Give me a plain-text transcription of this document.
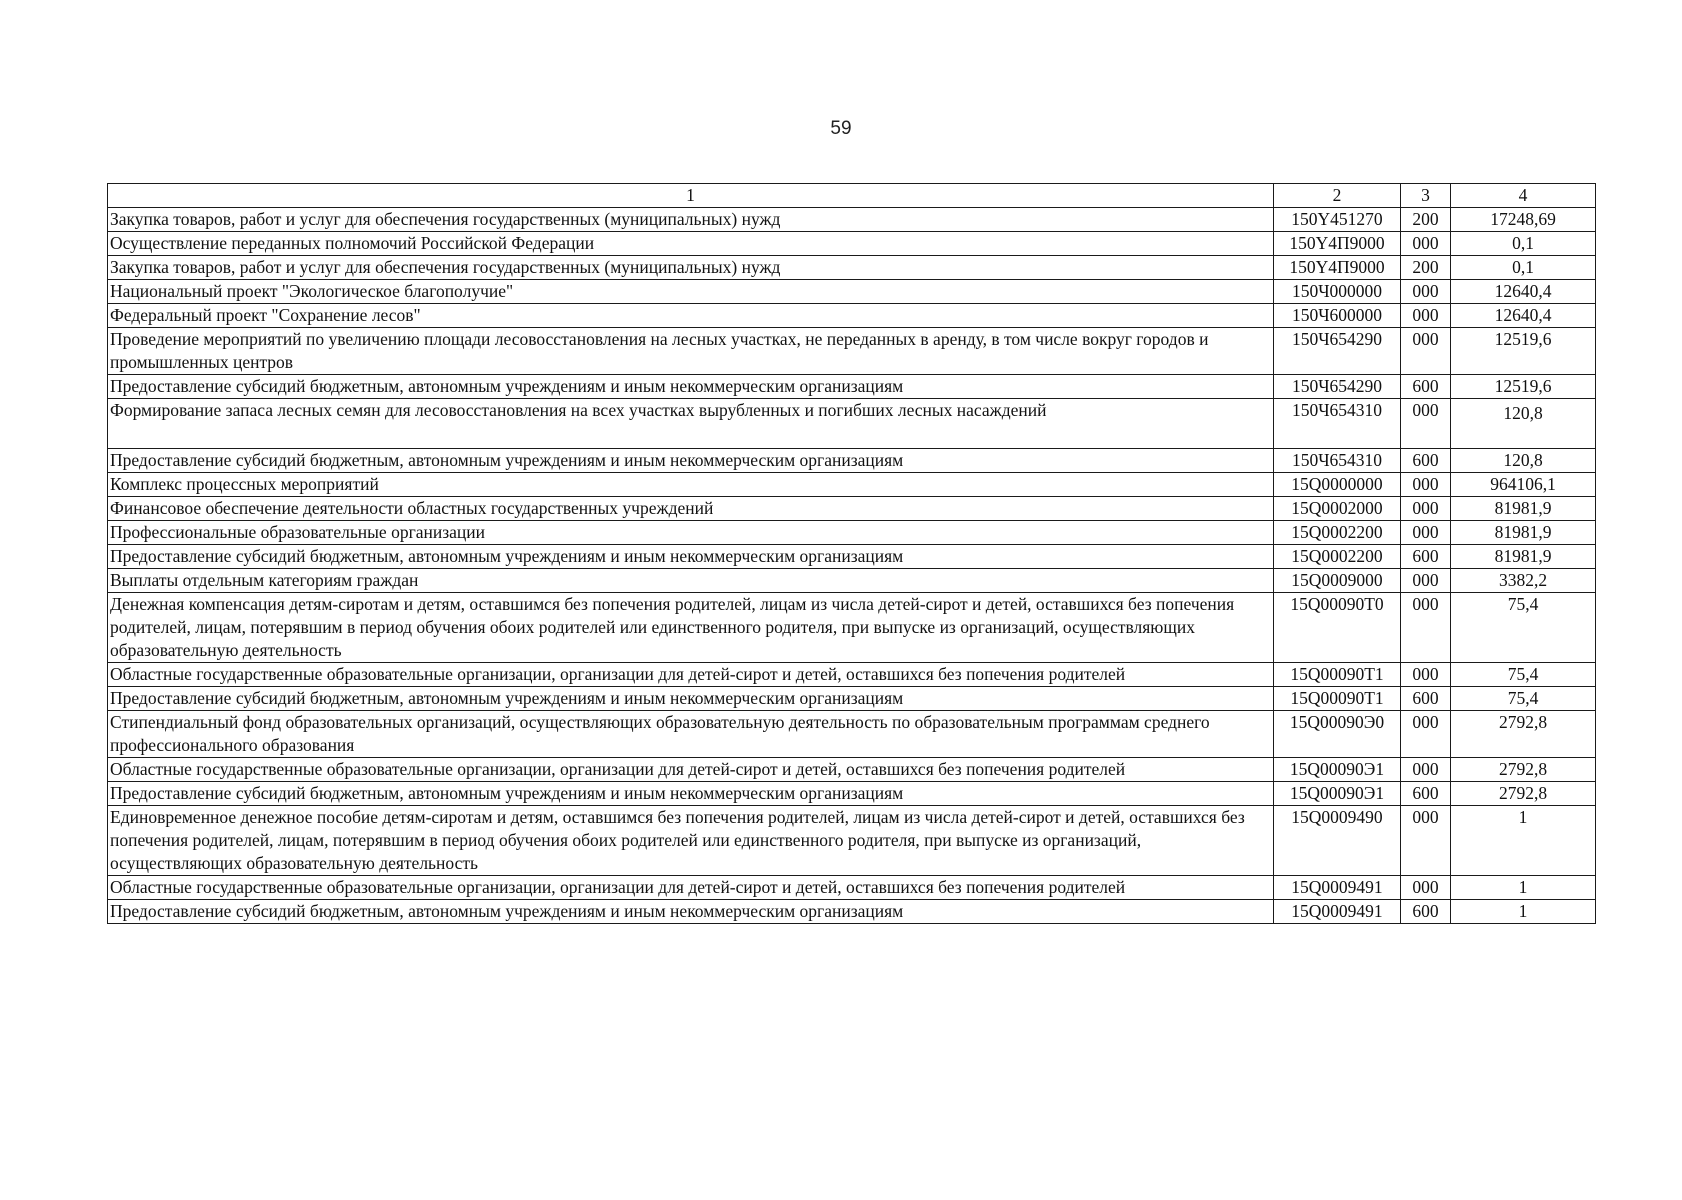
59
1	2	3	4
Закупка товаров, работ и услуг для обеспечения государственных (муниципальных) нужд	150Y451270	200	17248,69
Осуществление переданных полномочий Российской Федерации	150Y4П9000	000	0,1
Закупка товаров, работ и услуг для обеспечения государственных (муниципальных) нужд	150Y4П9000	200	0,1
Национальный проект "Экологическое благополучие"	150Ч000000	000	12640,4
Федеральный проект "Сохранение лесов"	150Ч600000	000	12640,4
Проведение мероприятий по увеличению площади лесовосстановления на лесных участках, не переданных в аренду, в том числе вокруг городов и промышленных центров	150Ч654290	000	12519,6
Предоставление субсидий бюджетным, автономным учреждениям и иным некоммерческим организациям	150Ч654290	600	12519,6
Формирование запаса лесных семян для лесовосстановления на всех участках вырубленных и погибших лесных насаждений	150Ч654310	000	120,8
Предоставление субсидий бюджетным, автономным учреждениям и иным некоммерческим организациям	150Ч654310	600	120,8
Комплекс процессных мероприятий	15Q0000000	000	964106,1
Финансовое обеспечение деятельности областных государственных учреждений	15Q0002000	000	81981,9
Профессиональные образовательные организации	15Q0002200	000	81981,9
Предоставление субсидий бюджетным, автономным учреждениям и иным некоммерческим организациям	15Q0002200	600	81981,9
Выплаты отдельным категориям граждан	15Q0009000	000	3382,2
Денежная компенсация детям-сиротам и детям, оставшимся без попечения родителей, лицам из числа детей-сирот и детей, оставшихся без попечения родителей, лицам, потерявшим в период обучения обоих родителей или единственного родителя, при выпуске из организаций, осуществляющих образовательную деятельность	15Q00090T0	000	75,4
Областные государственные образовательные организации, организации для детей-сирот и детей, оставшихся без попечения родителей	15Q00090T1	000	75,4
Предоставление субсидий бюджетным, автономным учреждениям и иным некоммерческим организациям	15Q00090T1	600	75,4
Стипендиальный фонд образовательных организаций, осуществляющих образовательную деятельность по образовательным программам среднего профессионального образования	15Q00090Э0	000	2792,8
Областные государственные образовательные организации, организации для детей-сирот и детей, оставшихся без попечения родителей	15Q00090Э1	000	2792,8
Предоставление субсидий бюджетным, автономным учреждениям и иным некоммерческим организациям	15Q00090Э1	600	2792,8
Единовременное денежное пособие детям-сиротам и детям, оставшимся без попечения родителей, лицам из числа детей-сирот и детей, оставшихся без попечения родителей, лицам, потерявшим в период обучения обоих родителей или единственного родителя, при выпуске из организаций, осуществляющих образовательную деятельность	15Q0009490	000	1
Областные государственные образовательные организации, организации для детей-сирот и детей, оставшихся без попечения родителей	15Q0009491	000	1
Предоставление субсидий бюджетным, автономным учреждениям и иным некоммерческим организациям	15Q0009491	600	1
